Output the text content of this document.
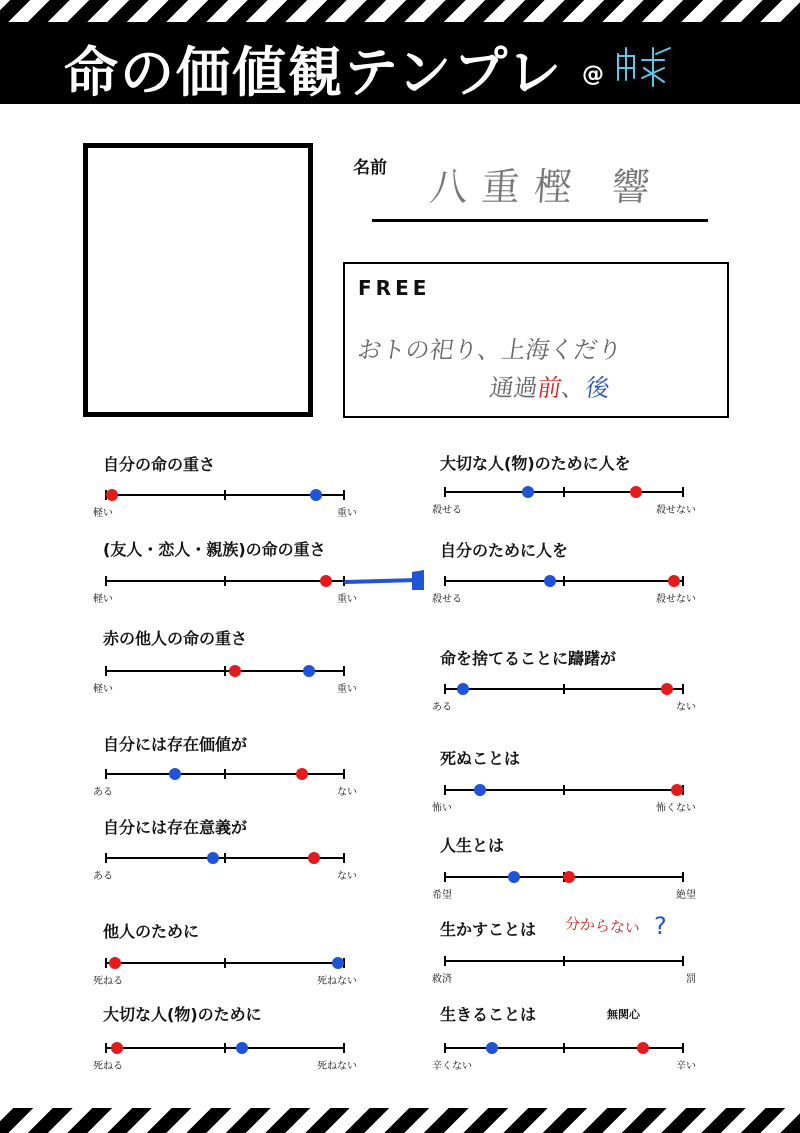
命の価値観テンプレ @
名前 八重樫 響
FREE
おトの祀り、上海くだり
通過前、後
自分の命の重さ
軽い	重い
(友人・恋人・親族)の命の重さ
軽い	重い
赤の他人の命の重さ
軽い	重い
自分には存在価値が
ある	ない
自分には存在意義が
ある	ない
他人のために
死ねる	死ねない
大切な人(物)のために
死ねる	死ねない
大切な人(物)のために人を
殺せる	殺せない
自分のために人を
殺せる	殺せない
命を捨てることに躊躇が
ある	ない
死ぬことは
怖い	怖くない
人生とは
希望	絶望
生かすことは
救済	罰
生きることは
辛くない	辛い
分からない ?
無関心
